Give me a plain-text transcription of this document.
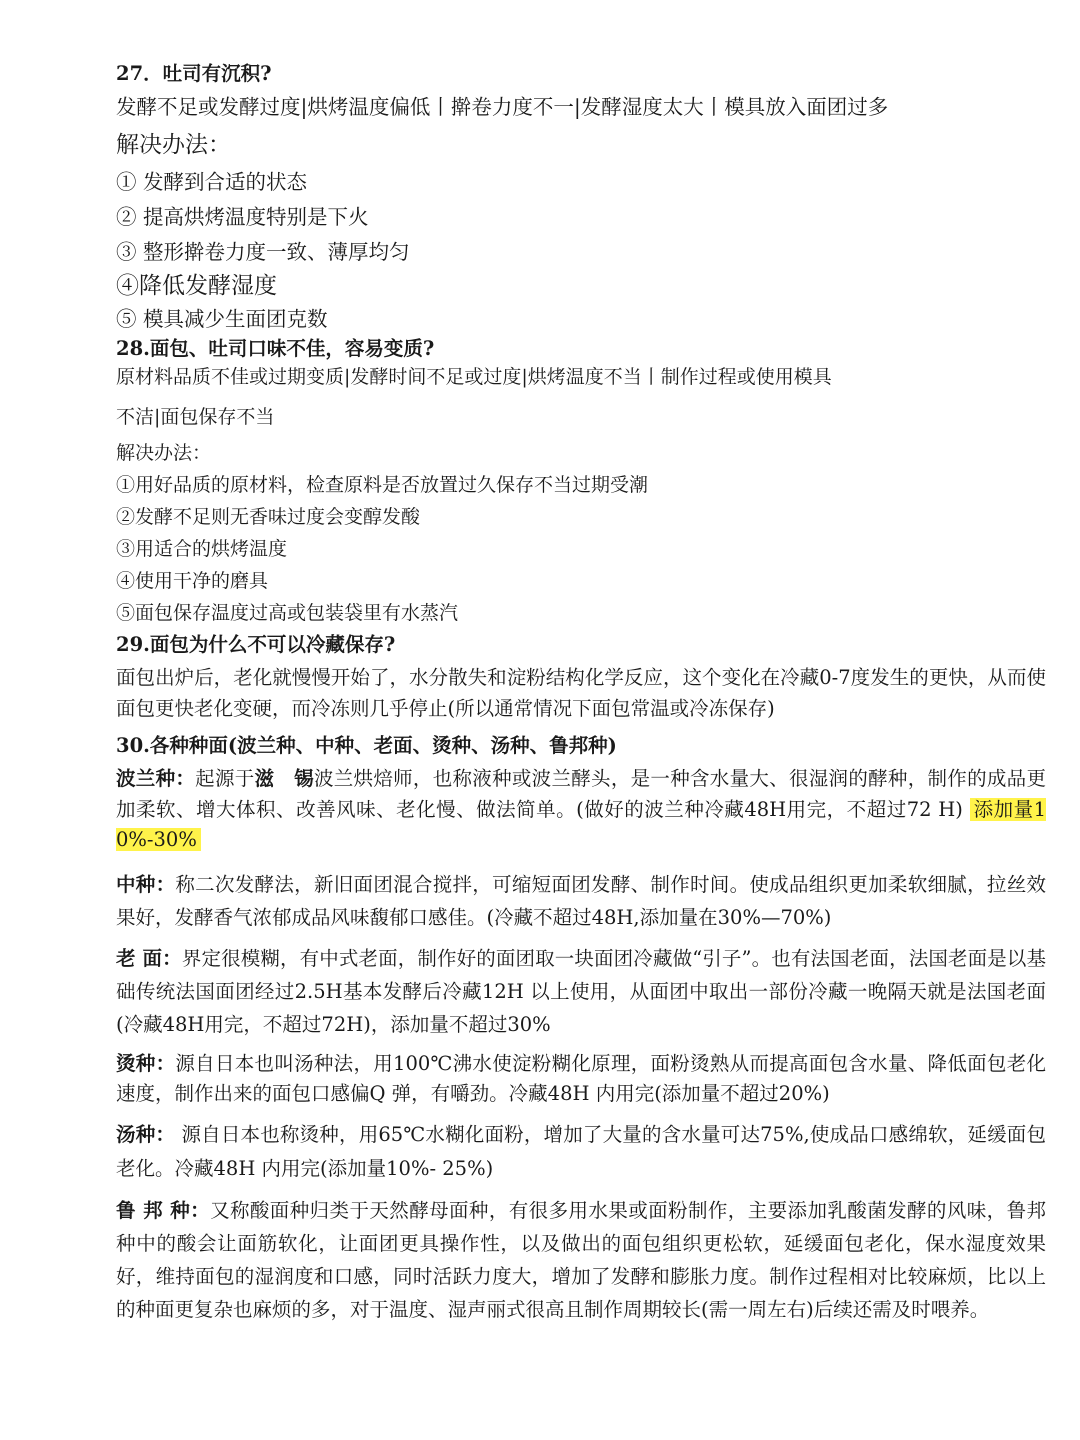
27．吐司有沉积?
发酵不足或发酵过度|烘烤温度偏低丨擀卷力度不一|发酵湿度太大丨模具放入面团过多
解决办法：
① 发酵到合适的状态
② 提高烘烤温度特别是下火
③ 整形擀卷力度一致、薄厚均匀
④降低发酵湿度
⑤ 模具减少生面团克数
28.面包、吐司口味不佳，容易变质?
原材料品质不佳或过期变质|发酵时间不足或过度|烘烤温度不当丨制作过程或使用模具
不洁|面包保存不当
解决办法：
①用好品质的原材料，检查原料是否放置过久保存不当过期受潮
②发酵不足则无香味过度会变醇发酸
③用适合的烘烤温度
④使用干净的磨具
⑤面包保存温度过高或包装袋里有水蒸汽
29.面包为什么不可以冷藏保存?
面包出炉后，老化就慢慢开始了，水分散失和淀粉结构化学反应，这个变化在冷藏0-7度发生的更快，从而使面包更快老化变硬，而冷冻则几乎停止(所以通常情况下面包常温或冷冻保存)
30.各种种面(波兰种、中种、老面、烫种、汤种、鲁邦种)
波兰种：起源于滋　锡波兰烘焙师，也称液种或波兰酵头，是一种含水量大、很湿润的酵种，制作的成品更加柔软、增大体积、改善风味、老化慢、做法简单。(做好的波兰种冷藏48H用完，不超过72 H) 添加量10%-30%
中种：称二次发酵法，新旧面团混合搅拌，可缩短面团发酵、制作时间。使成品组织更加柔软细腻，拉丝效果好，发酵香气浓郁成品风味馥郁口感佳。(冷藏不超过48H,添加量在30%—70%)
老 面：界定很模糊，有中式老面，制作好的面团取一块面团冷藏做“引子”。也有法国老面，法国老面是以基础传统法国面团经过2.5H基本发酵后冷藏12H 以上使用，从面团中取出一部份冷藏一晚隔天就是法国老面(冷藏48H用完，不超过72H)，添加量不超过30%
烫种：源自日本也叫汤种法，用100℃沸水使淀粉糊化原理，面粉烫熟从而提高面包含水量、降低面包老化速度，制作出来的面包口感偏Q 弹，有嚼劲。冷藏48H 内用完(添加量不超过20%)
汤种： 源自日本也称烫种，用65℃水糊化面粉，增加了大量的含水量可达75%,使成品口感绵软，延缓面包老化。冷藏48H 内用完(添加量10%- 25%)
鲁 邦 种：又称酸面种归类于天然酵母面种，有很多用水果或面粉制作，主要添加乳酸菌发酵的风味，鲁邦种中的酸会让面筋软化，让面团更具操作性，以及做出的面包组织更松软，延缓面包老化，保水湿度效果好，维持面包的湿润度和口感，同时活跃力度大，增加了发酵和膨胀力度。制作过程相对比较麻烦，比以上的种面更复杂也麻烦的多，对于温度、湿声丽式很高且制作周期较长(需一周左右)后续还需及时喂养。
